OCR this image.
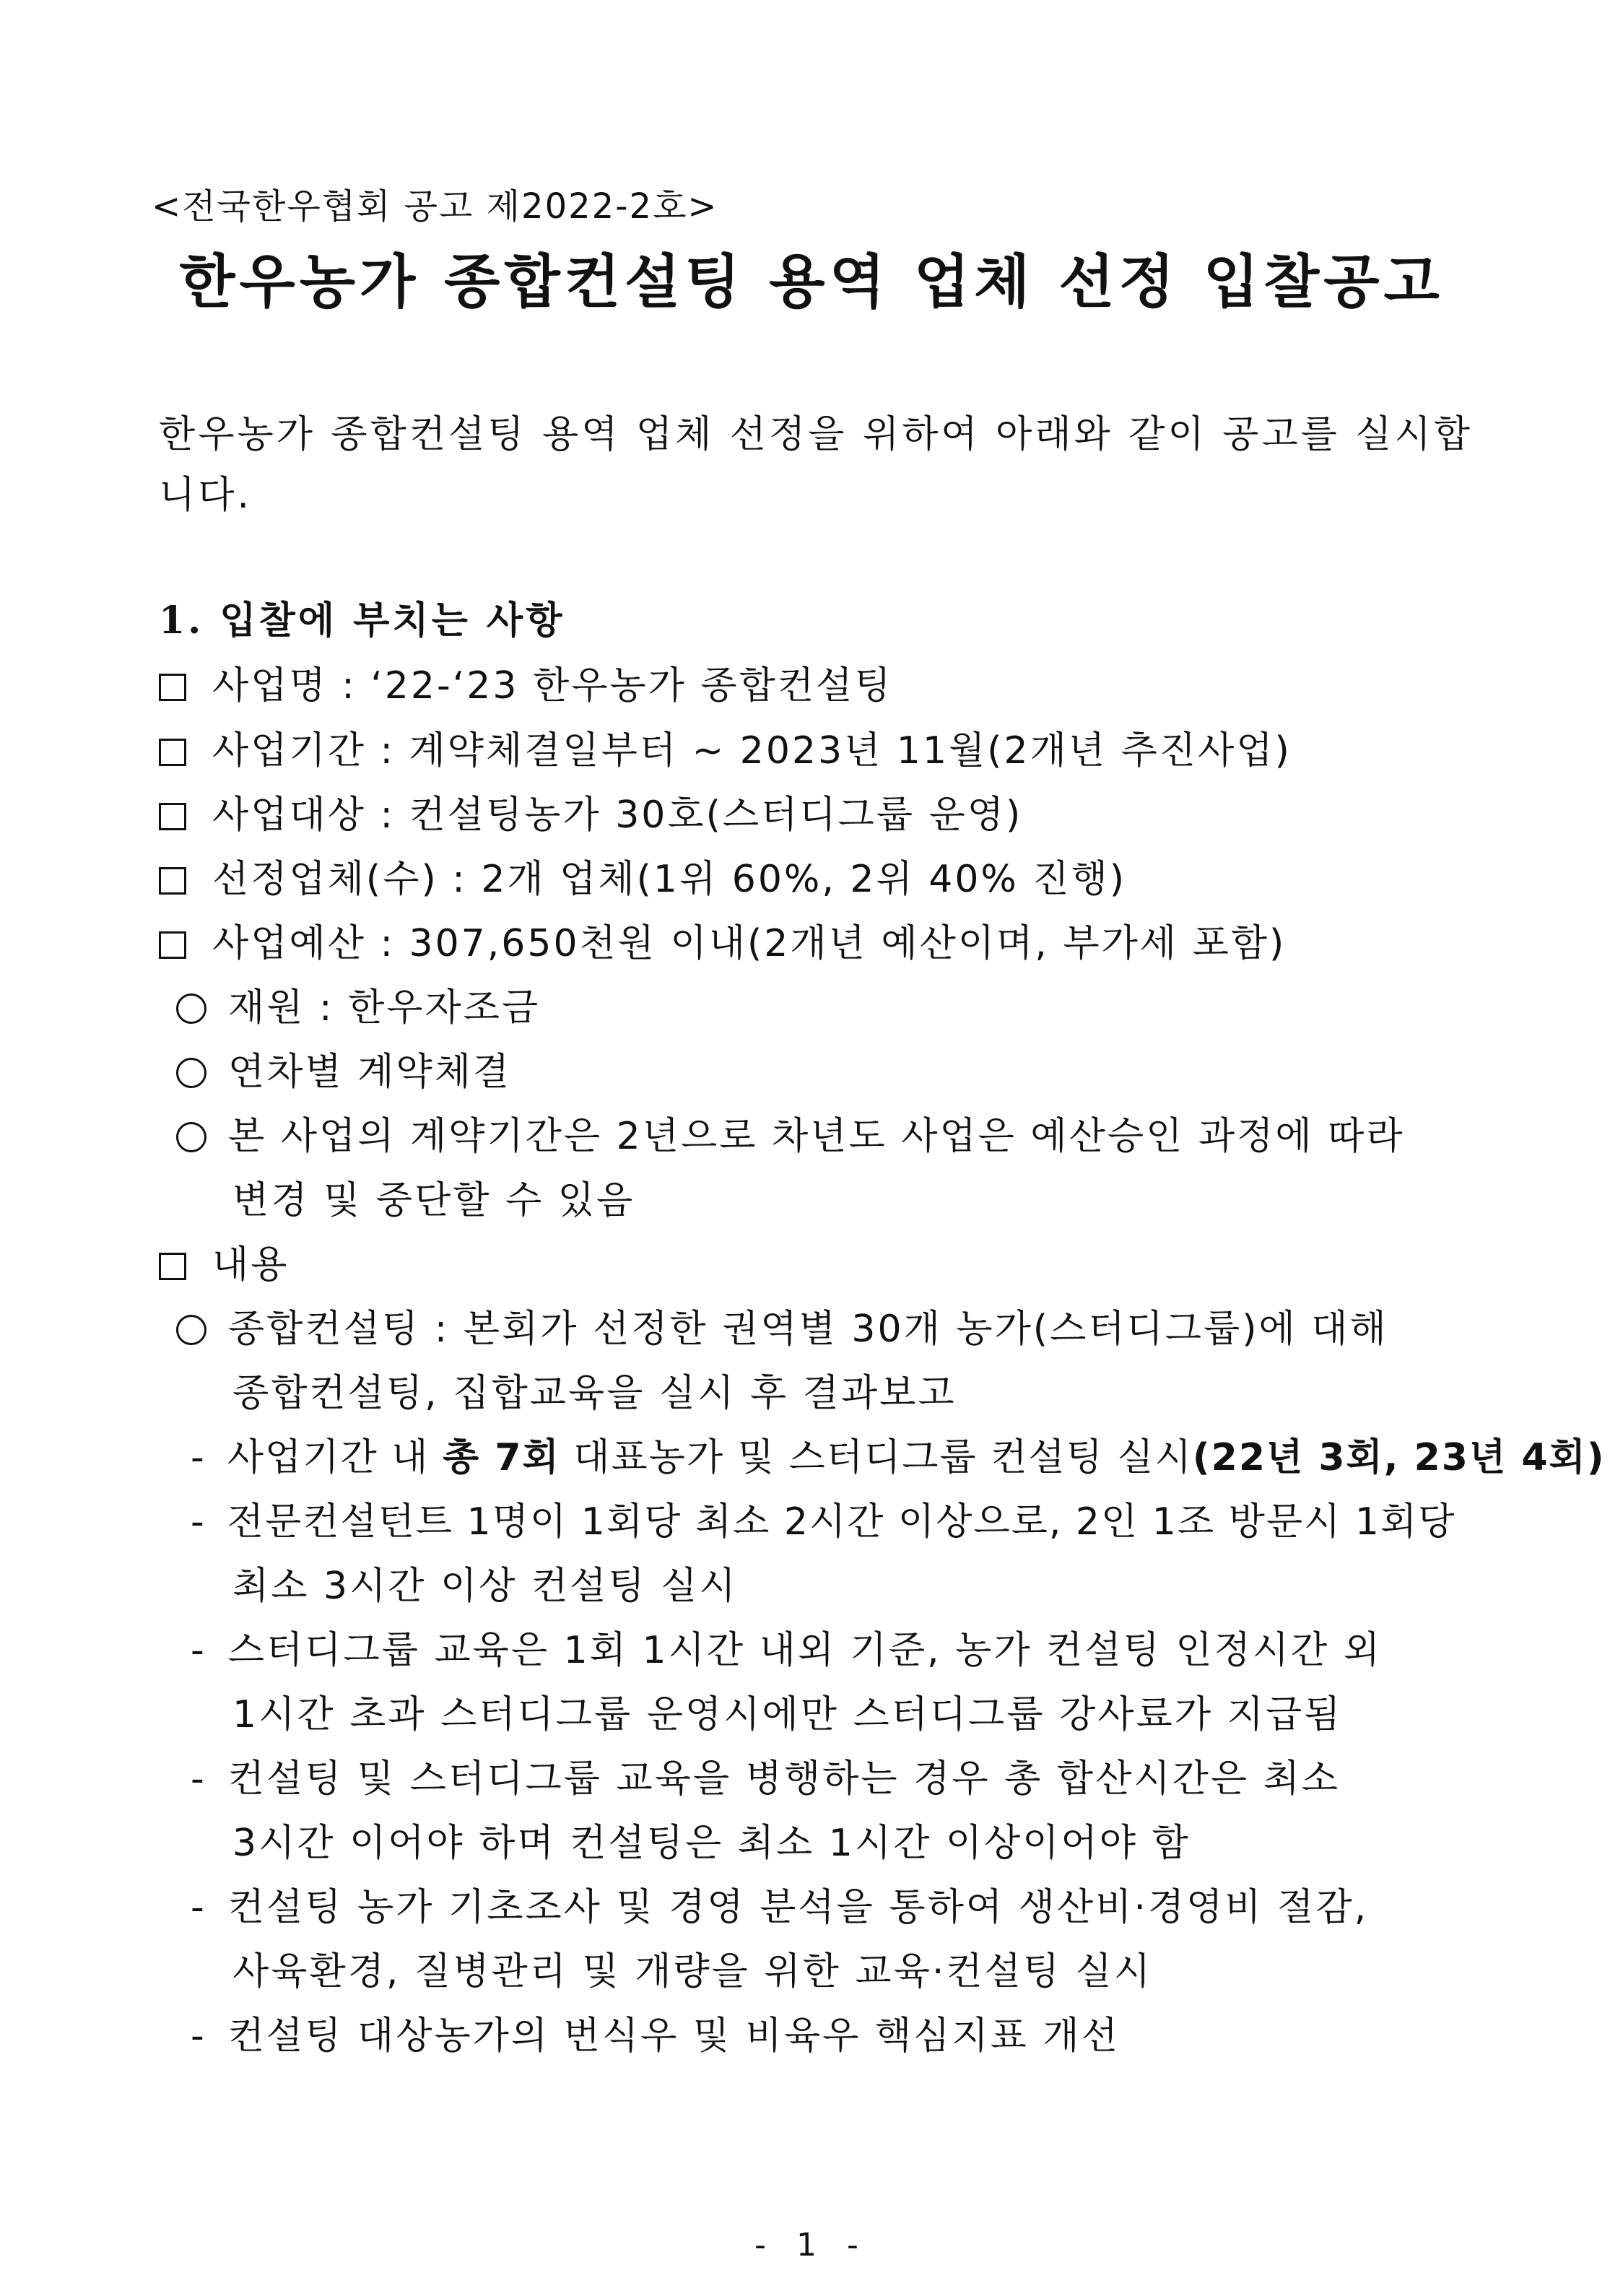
<전국한우협회 공고 제2022-2호>
한우농가 종합컨설팅 용역 업체 선정 입찰공고
한우농가 종합컨설팅 용역 업체 선정을 위하여 아래와 같이 공고를 실시합니다.
1. 입찰에 부치는 사항
사업명 : ‘22-‘23 한우농가 종합컨설팅
사업기간 : 계약체결일부터 ~ 2023년 11월(2개년 추진사업)
사업대상 : 컨설팅농가 30호(스터디그룹 운영)
선정업체(수) : 2개 업체(1위 60%, 2위 40% 진행)
사업예산 : 307,650천원 이내(2개년 예산이며, 부가세 포함)
재원 : 한우자조금
연차별 계약체결
본 사업의 계약기간은 2년으로 차년도 사업은 예산승인 과정에 따라
변경 및 중단할 수 있음
내용
종합컨설팅 : 본회가 선정한 권역별 30개 농가(스터디그룹)에 대해
종합컨설팅, 집합교육을 실시 후 결과보고
- 사업기간 내 총 7회 대표농가 및 스터디그룹 컨설팅 실시(22년 3회, 23년 4회)
- 전문컨설턴트 1명이 1회당 최소 2시간 이상으로, 2인 1조 방문시 1회당
최소 3시간 이상 컨설팅 실시
- 스터디그룹 교육은 1회 1시간 내외 기준, 농가 컨설팅 인정시간 외
1시간 초과 스터디그룹 운영시에만 스터디그룹 강사료가 지급됨
- 컨설팅 및 스터디그룹 교육을 병행하는 경우 총 합산시간은 최소
3시간 이어야 하며 컨설팅은 최소 1시간 이상이어야 함
- 컨설팅 농가 기초조사 및 경영 분석을 통하여 생산비·경영비 절감,
사육환경, 질병관리 및 개량을 위한 교육·컨설팅 실시
- 컨설팅 대상농가의 번식우 및 비육우 핵심지표 개선
- 1 -
